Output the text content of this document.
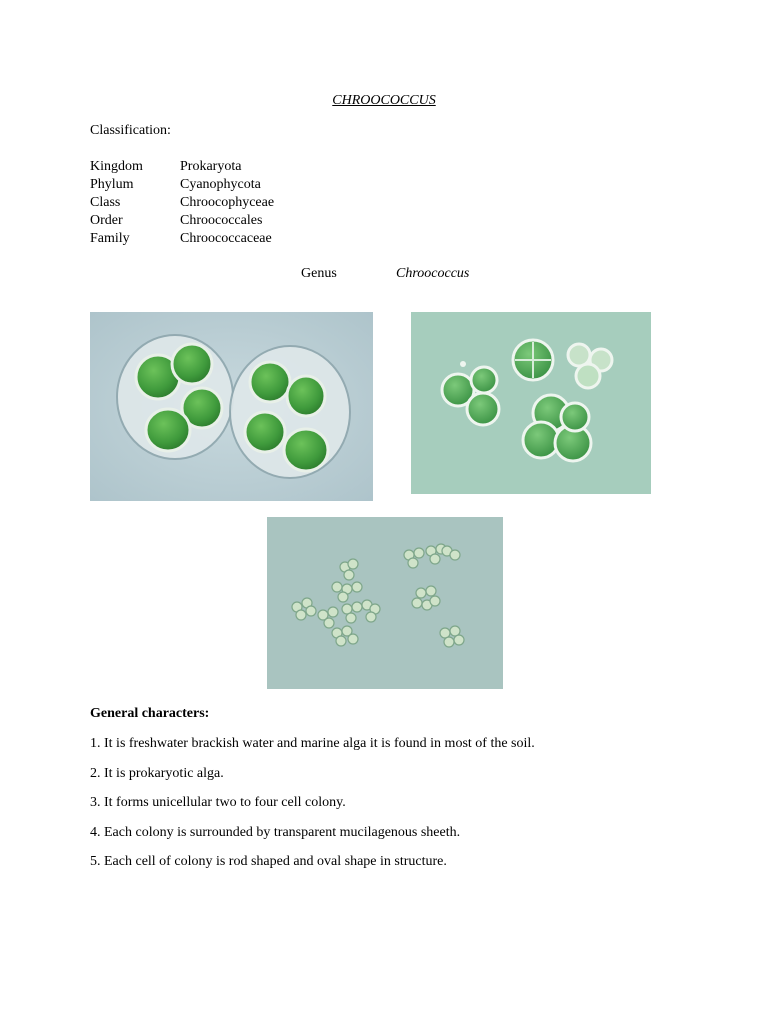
CHROOCOCCUS
Classification:
Kingdom	Prokaryota
Phylum	Cyanophycota
Class	Chroocophyceae
Order	Chroococcales
Family	Chroococcaceae
Genus	Chroococcus
General characters:
1. It is freshwater brackish water and marine alga it is found in most of the soil.
2. It is prokaryotic alga.
3. It forms unicellular two to four cell colony.
4. Each colony is surrounded by transparent mucilagenous sheeth.
5. Each cell of colony is rod shaped and oval shape in structure.
